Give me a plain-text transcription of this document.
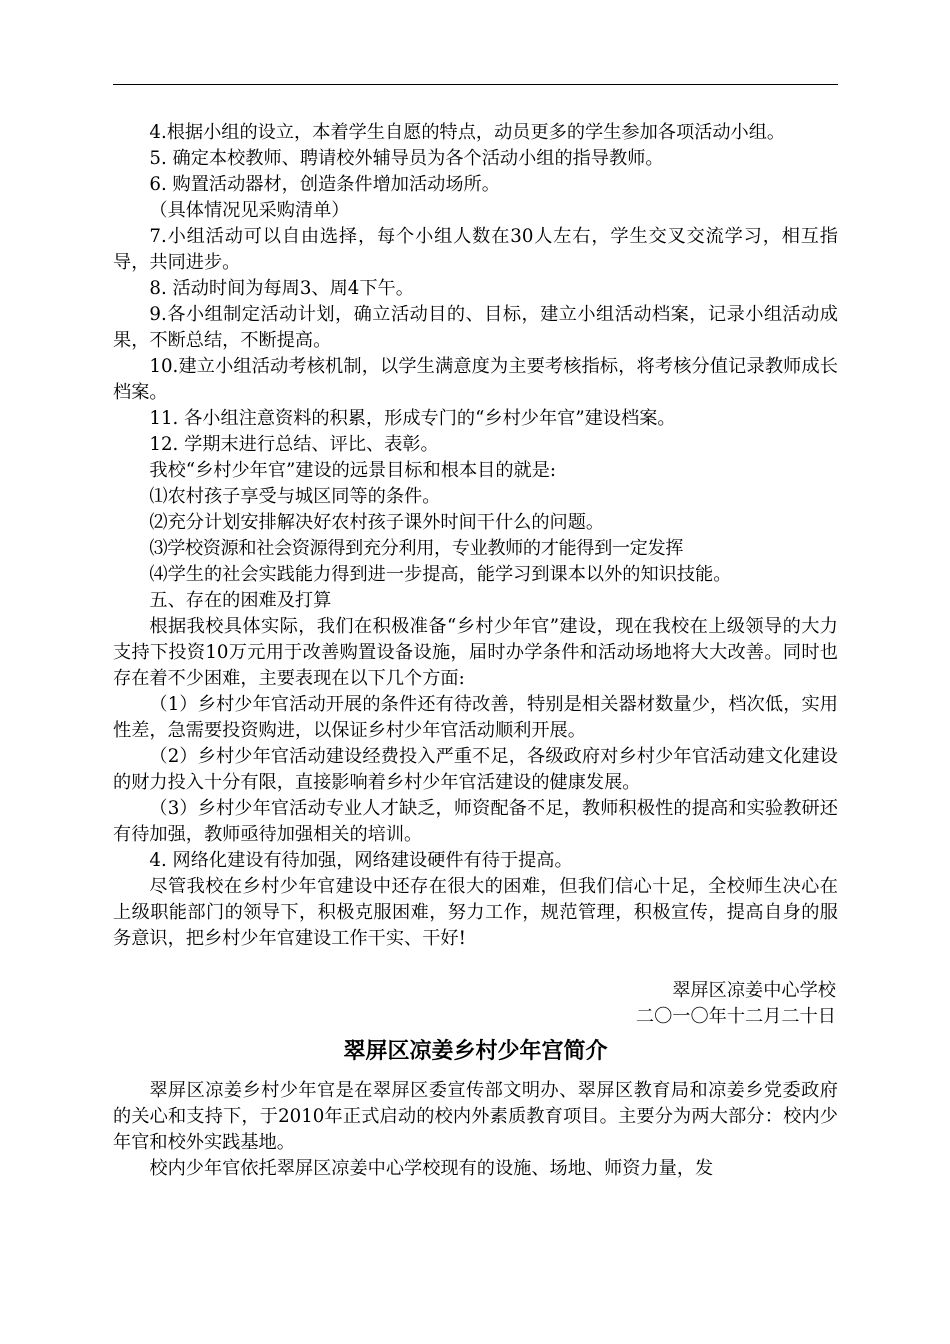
4.根据小组的设立，本着学生自愿的特点，动员更多的学生参加各项活动小组。

5. 确定本校教师、聘请校外辅导员为各个活动小组的指导教师。

6. 购置活动器材，创造条件增加活动场所。

（具体情况见采购清单）

7.小组活动可以自由选择，每个小组人数在30人左右，学生交叉交流学习，相互指导，共同进步。

8. 活动时间为每周3、周4下午。

9.各小组制定活动计划，确立活动目的、目标，建立小组活动档案，记录小组活动成果，不断总结，不断提高。

10.建立小组活动考核机制，以学生满意度为主要考核指标，将考核分值记录教师成长档案。

11. 各小组注意资料的积累，形成专门的“乡村少年官”建设档案。

12. 学期末进行总结、评比、表彰。

我校“乡村少年官”建设的远景目标和根本目的就是:

⑴农村孩子享受与城区同等的条件。

⑵充分计划安排解决好农村孩子课外时间干什么的问题。

⑶学校资源和社会资源得到充分利用，专业教师的才能得到一定发挥

⑷学生的社会实践能力得到进一步提高，能学习到课本以外的知识技能。

五、存在的困难及打算

根据我校具体实际，我们在积极准备“乡村少年官”建设，现在我校在上级领导的大力支持下投资10万元用于改善购置设备设施，届时办学条件和活动场地将大大改善。同时也存在着不少困难，主要表现在以下几个方面:

（1）乡村少年官活动开展的条件还有待改善，特别是相关器材数量少，档次低，实用性差，急需要投资购进，以保证乡村少年官活动顺利开展。

（2）乡村少年官活动建设经费投入严重不足，各级政府对乡村少年官活动建文化建设的财力投入十分有限，直接影响着乡村少年官活建设的健康发展。

（3）乡村少年官活动专业人才缺乏，师资配备不足，教师积极性的提高和实验教研还有待加强，教师亟待加强相关的培训。

4. 网络化建设有待加强，网络建设硬件有待于提高。

尽管我校在乡村少年官建设中还存在很大的困难，但我们信心十足，全校师生决心在上级职能部门的领导下，积极克服困难，努力工作，规范管理，积极宣传，提高自身的服务意识，把乡村少年官建设工作干实、干好!

翠屏区凉姜中心学校

二〇一〇年十二月二十日

翠屏区凉姜乡村少年宫简介

翠屏区凉姜乡村少年官是在翠屏区委宣传部文明办、翠屏区教育局和凉姜乡党委政府的关心和支持下，于2010年正式启动的校内外素质教育项目。主要分为两大部分：校内少年官和校外实践基地。

校内少年官依托翠屏区凉姜中心学校现有的设施、场地、师资力量，发
